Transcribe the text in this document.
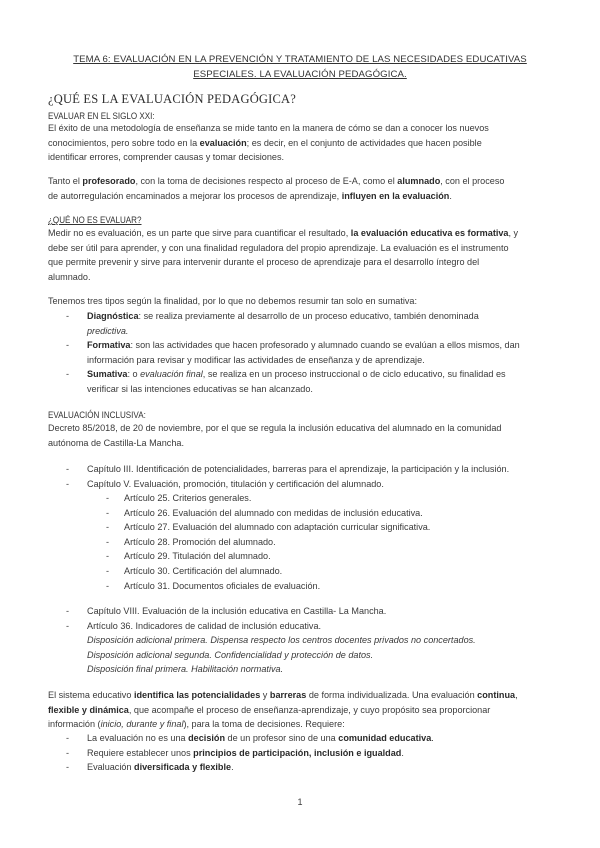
TEMA 6: EVALUACIÓN EN LA PREVENCIÓN Y TRATAMIENTO DE LAS NECESIDADES EDUCATIVAS
ESPECIALES. LA EVALUACIÓN PEDAGÓGICA.
¿QUÉ ES LA EVALUACIÓN PEDAGÓGICA?
EVALUAR EN EL SIGLO XXI:
El éxito de una metodología de enseñanza se mide tanto en la manera de cómo se dan a conocer los nuevos
conocimientos, pero sobre todo en la evaluación; es decir, en el conjunto de actividades que hacen posible
identificar errores, comprender causas y tomar decisiones.
Tanto el profesorado, con la toma de decisiones respecto al proceso de E-A, como el alumnado, con el proceso
de autorregulación encaminados a mejorar los procesos de aprendizaje, influyen en la evaluación.
¿QUÉ NO ES EVALUAR?
Medir no es evaluación, es un parte que sirve para cuantificar el resultado, la evaluación educativa es formativa, y
debe ser útil para aprender, y con una finalidad reguladora del propio aprendizaje. La evaluación es el instrumento
que permite prevenir y sirve para intervenir durante el proceso de aprendizaje para el desarrollo íntegro del
alumnado.
Tenemos tres tipos según la finalidad, por lo que no debemos resumir tan solo en sumativa:
- Diagnóstica: se realiza previamente al desarrollo de un proceso educativo, también denominada
predictiva.
- Formativa: son las actividades que hacen profesorado y alumnado cuando se evalúan a ellos mismos, dan
información para revisar y modificar las actividades de enseñanza y de aprendizaje.
- Sumativa: o evaluación final, se realiza en un proceso instruccional o de ciclo educativo, su finalidad es
verificar si las intenciones educativas se han alcanzado.
EVALUACIÓN INCLUSIVA:
Decreto 85/2018, de 20 de noviembre, por el que se regula la inclusión educativa del alumnado en la comunidad
autónoma de Castilla-La Mancha.
- Capítulo III. Identificación de potencialidades, barreras para el aprendizaje, la participación y la inclusión.
- Capítulo V. Evaluación, promoción, titulación y certificación del alumnado.
- Artículo 25. Criterios generales.
- Artículo 26. Evaluación del alumnado con medidas de inclusión educativa.
- Artículo 27. Evaluación del alumnado con adaptación curricular significativa.
- Artículo 28. Promoción del alumnado.
- Artículo 29. Titulación del alumnado.
- Artículo 30. Certificación del alumnado.
- Artículo 31. Documentos oficiales de evaluación.
- Capítulo VIII. Evaluación de la inclusión educativa en Castilla- La Mancha.
- Artículo 36. Indicadores de calidad de inclusión educativa.
Disposición adicional primera. Dispensa respecto los centros docentes privados no concertados.
Disposición adicional segunda. Confidencialidad y protección de datos.
Disposición final primera. Habilitación normativa.
El sistema educativo identifica las potencialidades y barreras de forma individualizada. Una evaluación continua,
flexible y dinámica, que acompañe el proceso de enseñanza-aprendizaje, y cuyo propósito sea proporcionar
información (inicio, durante y final), para la toma de decisiones. Requiere:
- La evaluación no es una decisión de un profesor sino de una comunidad educativa.
- Requiere establecer unos principios de participación, inclusión e igualdad.
- Evaluación diversificada y flexible.
1
